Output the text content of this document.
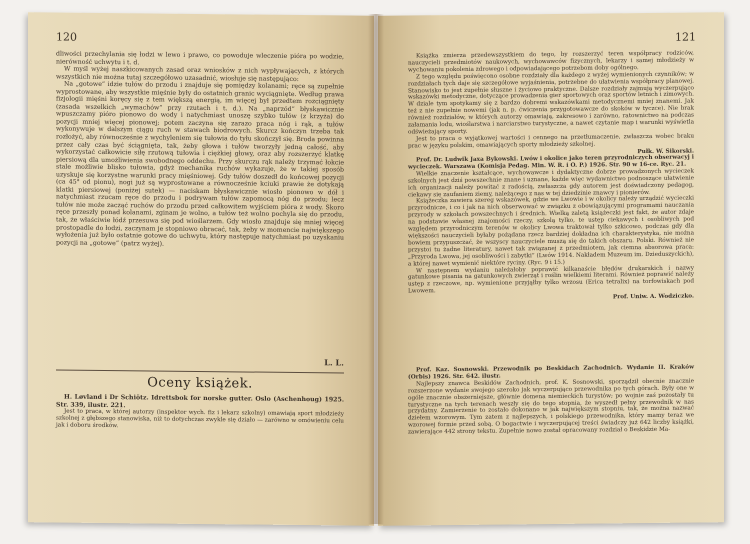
120

dliwości przechylania się łodzi w lewo i prawo, co powoduje wleczenie pióra po wodzie, nierówność uchwytu i t. d.

W myśl wyżej naszkicowanych zasad oraz wniosków z nich wypływających, z których wszystkich nie można tutaj szczegółowo uzasadnić, wiosłuje się następująco:

Na „gotowe” idzie tułów do przodu i znajduje się pomiędzy kolanami; ręce są zupełnie wyprostowane, aby wszystkie mięśnie były do ostatnich granic wyciągnięte. Według prawa fizjologii mięśni koręcy się z tem większą energią, im więcej był przedtem rozciągnięty (zasada wszelkich „wymachów” przy rzutach i t. d.). Na „naprzód” błyskawicznie wpuszczamy pióro pionowo do wody i natychmiast unoszę szybko tułów (z krzyża) do pozycji mniej więcej pionowej; potem zaczyna się zarazo praca nóg i rąk, a tułów wykonywuje w dalszym ciągu ruch w stawach biodrowych. Skurcz kończyn trzeba tak rozłożyć, aby równocześnie z wychyleniem się tułowia do tyłu skończył się. Broda powinna przez cały czas być ściągnięta, tak, żeby głowa i tułów tworzyły jedną całość, aby wykorzystać całkowicie siłę rzutową tułowia i ciężkiej głowy, oraz aby rozszerzyć klatkę piersiową dla umożliwienia swobodnego oddechu. Przy skurczu rąk należy trzymać łokcie stale możliwie blisko tułowia, gdyż mechanika ruchów wykazuje, że w takiej sposób uzyskuje się korzystne warunki pracy mięśniowej. Gdy tułów doszedł do końcowej pozycji (ca 45° od pionu), nogi już są wyprostowane a równocześnie kciuki prawie że dotykają klatki piersiowej (poniżej sutek) — naciskam błyskawicznie wiosło pionowo w dół i natychmiast rzucam ręce do przodu i podrywam tułów zapomocą nóg do przodu; lecz tułów nie może zacząć ruchów do przodu przed całkowitem wyjściem pióra z wody. Skoro ręce przeszły ponad kolanami, zginam je wolno, a tułów też wolno pochyla się do przodu, tak, że właściwie łódź przesuwa się pod wioślarzem. Gdy wiosło znajduje się mniej więcej prostopadle do łodzi, zaczynam je stopniowo obracać, tak, żeby w momencie największego wyłożenia już było ostatnie gotowe do uchwytu, który następuje natychmiast po uzyskaniu pozycji na „gotowe” (patrz wyżej).

L. L.
Oceny książek.

H. Løvland i Dr Schiötz. Idrettsbok for norske gutter. Oslo (Aschenhoug) 1925. Str. 339, ilustr. 221.

Jest to praca, w której autorzy (inspektor wych. fiz i lekarz szkolny) omawiają sport młodzieży szkolnej z głębszego stanowiska, niż to dotychczas zwykle się działo — zarówno w omówieniu celu jak i doboru środków.

121

Książka zmierza przedewszystkiem do tego, by rozszerzyć teren współpracy rodziców, nauczycieli przedmiotów naukowych, wychowawców fizycznych, lekarzy i samej młodzieży w wychowaniu pokolenia zdrowego i odpowiadającego potrzebom doby ogólnego.

Z tego względu poświęcono osobne rozdziały dla każdego z wyżej wymienionych czynników; w rozdziałach tych daje się szczegółowe wyjaśnienia, potrzebne do ułatwienia współpracy planowej. Stanowisko to jest zupełnie słuszne i życiowo praktyczne. Dalsze rozdziały zajmują wyczerpująco wskazówki metodyczne, dotyczące prowadzenia gier sportowych oraz sportów letnich i zimowych. W dziale tym spotykamy się z bardzo dobremi wskazówkami metodycznemi mniej znanemi. Jak też z nie zupełnie nowemi (jak n. p. ćwiczenia przygotowawcze do skoków w tyczce). Nie brak również rozdziałów, w których autorzy omawiają, zakresowo i zarówno, ratownictwo na podczas załamania lodu, wioślarstwa i narciarstwo turystyczne, a nawet czytanie map i warunki wyświetla odświeżający sporty.

Jest to praca o wyjątkowej wartości i cennego na przetłumaczenie, zwłaszcza wobec braku prac w języku polskim, omawiających sporty młodzieży szkolnej.

Pułk. W. Sikorski.

Prof. Dr. Ludwik Jaxa Bykowski. Lwów i okolice jako teren przyrodniczych obserwacyj i wycieczek. Warszawa (Komisja Pedag. Min. W. R. i O. P.) 1926. Str. 90 w 16-ce. Ryc. 21.

Wielkie znaczenie kształcące, wychowawcze i dydaktyczne dobrze prowadzonych wycieczek szkolnych jest dziś powszechnie znane i uznane, każde więc wydawnictwo podnoszące ułatwienie ich organizacji należy powitać z radością, zwłaszcza gdy autorem jest doświadczony pedagog, ciekawy się zaufaniem ziemy, należącego z nas w tej dziedzinie znawcy i pionierów.

Książeczka zawiera szereg wskazówek, gdzie we Lwowie i w okolicy należy urządzić wycieczki przyrodnicze, i co i jak na nich obserwować w związku z obowiązującymi programami nauczania przyrody w szkołach powszechnych i średnich. Wielką zaletą książeczki jest fakt, że autor zdaje na podstawie własnej znajomości rzeczy, szkolą tylko, te ustęp ciekawych i osobliwych pod względem przyrodniczym terenów w okolicy Lwowa traktował tylko szkicowo, podczas gdy dla większości nauczycieli byłaby pożądana rzecz bardziej dokładna ich charakterystyka, nie można bowiem przypuszczać, że wszyscy nauczyciele muszą się do takich obszaru. Polski. Również nie przystoi tu żadne literatury, nawet tak związanej z przedmiotem, jak ciemna absorowa praca: „Przyroda Lwowa, jej osobliwości i zabytki” (Lwów 1914. Nakładem Muzeum im. Dzieduszyckich), a której nawet wymienić niektóre ryciny. (Ryc. 9 i 15.)

W następnem wydaniu należałoby poprawić kilkanaście błędów drukarskich i nazwy gatunkowe pisania na gatunkowych zwierząt i roślin wielkiemi literami. Również poprawić należy ustęp z rzeczowe, np. wymienione przyjąłby tylko wrzosu (Erica tetralix) na torfowiskach pod Lwowem.

Prof. Uniw. A. Wodziczko.

Prof. Kaz. Sosnowski. Przewodnik po Beskidach Zachodnich. Wydanie II. Kraków (Orbis) 1926. Str. 642. ilustr.

Najlepszy znawca Beskidów Zachodnich, prof. K. Sosnowski, sporządził obecnie znacznie rozszerzone wydanie swojego szeroko jak wyczerpująco przewodnika po tych górach. Były one w ogóle znacznie obszerniejsze, głównie domena niemieckich turystów; po wojnie zaś pozostały tu turystyczne na tych terenach weszły się do tego stopnia, że wyszedł pełny przewodnik w nas przydatny. Zamierzenie to zostało dokonano w jak największym stopniu, tak, że można nazwać dziełem wzorowym. Tym zatem z najlepszych, i polskiego przewodnika, który mamy teraz we wzorowej formie przed sobą. O bogactwie i wyczerpującej treści świadczy już 642 liczby książki, zawierające 442 strony tekstu. Zupełnie nowo został opracowany rozdział o Beskidzie Ma-
